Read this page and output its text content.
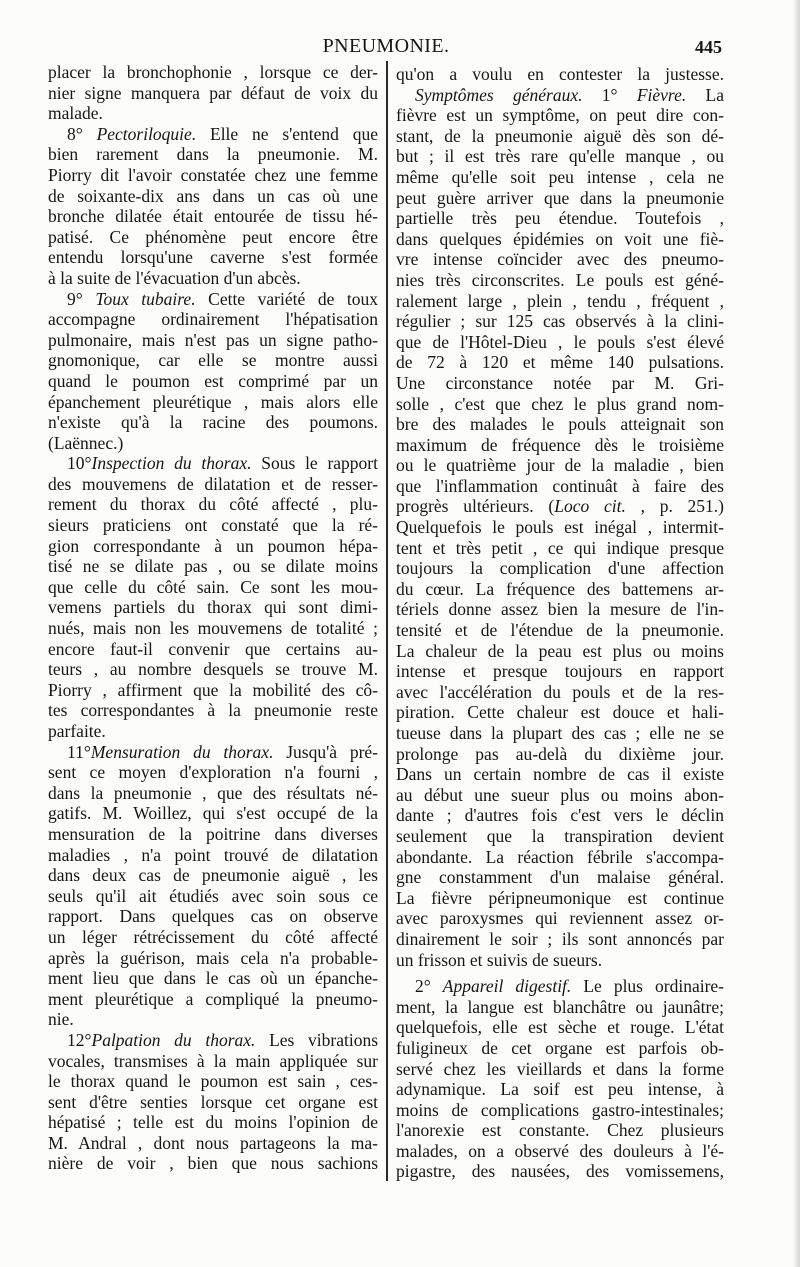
PNEUMONIE.	445
placer la bronchophonie , lorsque ce der-
nier signe manquera par défaut de voix du
malade.
8° Pectoriloquie. Elle ne s'entend que
bien rarement dans la pneumonie. M.
Piorry dit l'avoir constatée chez une femme
de soixante-dix ans dans un cas où une
bronche dilatée était entourée de tissu hé-
patisé. Ce phénomène peut encore être
entendu lorsqu'une caverne s'est formée
à la suite de l'évacuation d'un abcès.
9° Toux tubaire. Cette variété de toux
accompagne ordinairement l'hépatisation
pulmonaire, mais n'est pas un signe patho-
gnomonique, car elle se montre aussi
quand le poumon est comprimé par un
épanchement pleurétique , mais alors elle
n'existe qu'à la racine des poumons.
(Laënnec.)
10°Inspection du thorax. Sous le rapport
des mouvemens de dilatation et de resser-
rement du thorax du côté affecté , plu-
sieurs praticiens ont constaté que la ré-
gion correspondante à un poumon hépa-
tisé ne se dilate pas , ou se dilate moins
que celle du côté sain. Ce sont les mou-
vemens partiels du thorax qui sont dimi-
nués, mais non les mouvemens de totalité ;
encore faut-il convenir que certains au-
teurs , au nombre desquels se trouve M.
Piorry , affirment que la mobilité des cô-
tes correspondantes à la pneumonie reste
parfaite.
11°Mensuration du thorax. Jusqu'à pré-
sent ce moyen d'exploration n'a fourni ,
dans la pneumonie , que des résultats né-
gatifs. M. Woillez, qui s'est occupé de la
mensuration de la poitrine dans diverses
maladies , n'a point trouvé de dilatation
dans deux cas de pneumonie aiguë , les
seuls qu'il ait étudiés avec soin sous ce
rapport. Dans quelques cas on observe
un léger rétrécissement du côté affecté
après la guérison, mais cela n'a probable-
ment lieu que dans le cas où un épanche-
ment pleurétique a compliqué la pneumo-
nie.
12°Palpation du thorax. Les vibrations
vocales, transmises à la main appliquée sur
le thorax quand le poumon est sain , ces-
sent d'être senties lorsque cet organe est
hépatisé ; telle est du moins l'opinion de
M. Andral , dont nous partageons la ma-
nière de voir , bien que nous sachions
qu'on a voulu en contester la justesse.
Symptômes généraux. 1° Fièvre. La
fièvre est un symptôme, on peut dire con-
stant, de la pneumonie aiguë dès son dé-
but ; il est très rare qu'elle manque , ou
même qu'elle soit peu intense , cela ne
peut guère arriver que dans la pneumonie
partielle très peu étendue. Toutefois ,
dans quelques épidémies on voit une fiè-
vre intense coïncider avec des pneumo-
nies très circonscrites. Le pouls est géné-
ralement large , plein , tendu , fréquent ,
régulier ; sur 125 cas observés à la clini-
que de l'Hôtel-Dieu , le pouls s'est élevé
de 72 à 120 et même 140 pulsations.
Une circonstance notée par M. Gri-
solle , c'est que chez le plus grand nom-
bre des malades le pouls atteignait son
maximum de fréquence dès le troisième
ou le quatrième jour de la maladie , bien
que l'inflammation continuât à faire des
progrès ultérieurs. (Loco cit. , p. 251.)
Quelquefois le pouls est inégal , intermit-
tent et très petit , ce qui indique presque
toujours la complication d'une affection
du cœur. La fréquence des battemens ar-
tériels donne assez bien la mesure de l'in-
tensité et de l'étendue de la pneumonie.
La chaleur de la peau est plus ou moins
intense et presque toujours en rapport
avec l'accélération du pouls et de la res-
piration. Cette chaleur est douce et hali-
tueuse dans la plupart des cas ; elle ne se
prolonge pas au-delà du dixième jour.
Dans un certain nombre de cas il existe
au début une sueur plus ou moins abon-
dante ; d'autres fois c'est vers le déclin
seulement que la transpiration devient
abondante. La réaction fébrile s'accompa-
gne constamment d'un malaise général.
La fièvre péripneumonique est continue
avec paroxysmes qui reviennent assez or-
dinairement le soir ; ils sont annoncés par
un frisson et suivis de sueurs.
2° Appareil digestif. Le plus ordinaire-
ment, la langue est blanchâtre ou jaunâtre;
quelquefois, elle est sèche et rouge. L'état
fuligineux de cet organe est parfois ob-
servé chez les vieillards et dans la forme
adynamique. La soif est peu intense, à
moins de complications gastro-intestinales;
l'anorexie est constante. Chez plusieurs
malades, on a observé des douleurs à l'é-
pigastre, des nausées, des vomissemens,
